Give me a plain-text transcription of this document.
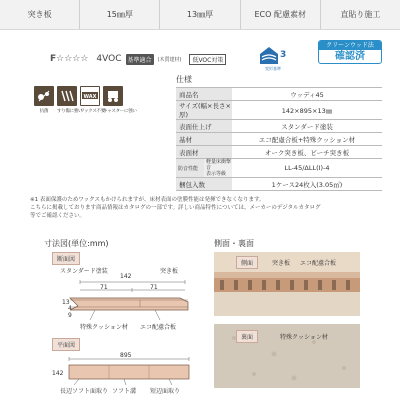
突き板	15㎜厚	13㎜厚	ECO 配慮素材	直貼り施工
F☆☆☆☆ 4VOC	基準適合	(木質建材)	低VOC対策	3
変形基準
クリーンウッド法
確認済
抗菌	すり傷に強い
WAX
ワックス不要
キャスターに強い
仕様
商品名		ウッディ45
サイズ(幅×長さ×厚)		142×895×13㎜
表面仕上げ		スタンダード塗装
基材		エコ配慮合板+特殊クッション材
表面材		オーク突き板、ビーチ突き板
防音性能	軽量床衝撃音
表示等級	LL-45/ΔLL(Ⅰ)-4
梱包入数		1ケース24枚入(3.05㎡)
※1 表面保護のためワックスもかけられますが、床材表面の塗膜性能は発揮できなくなります。
こちらに掲載しております商品情報はカタログの一部です。詳しい商品特性については、メーカーのデジタルカタログ
等でご確認ください。
寸法図(単位:mm)
断面図
スタンダード塗装	突き板
142
71	71
13
4
9
特殊クッション材 エコ配慮合板
平面図
895
142
長辺ソフト面取り ソフト溝 短辺面取り
側面・裏面
側面	突き板 エコ配慮合板
裏面	特殊クッション材
